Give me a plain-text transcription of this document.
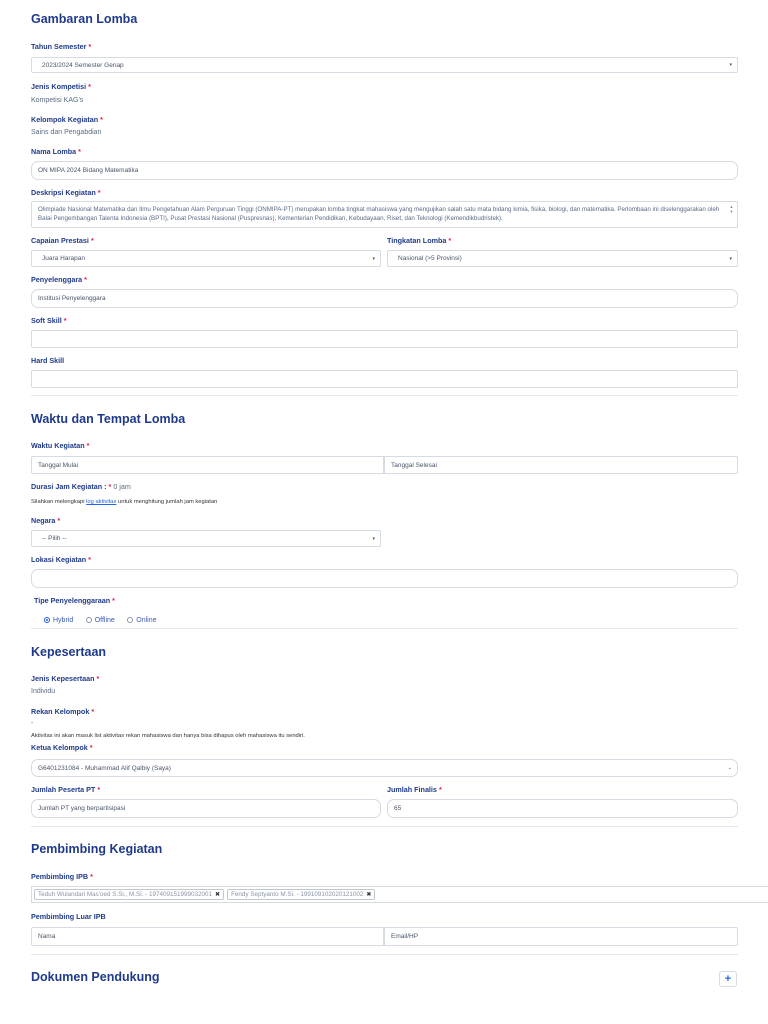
Gambaran Lomba
Tahun Semester *
2023/2024 Semester Genap	▾
Jenis Kompetisi *
Kompetisi KAG's
Kelompok Kegiatan *
Sains dan Pengabdian
Nama Lomba *
ON MIPA 2024 Bidang Matematika
Deskripsi Kegiatan *
Olimpiade Nasional Matematika dan Ilmu Pengetahuan Alam Perguruan Tinggi (ONMIPA-PT) merupakan lomba tingkat mahasiswa yang mengujikan salah satu mata bidang kimia, fisika, biologi, dan matematika. Perlombaan ini diselenggarakan oleh Balai Pengembangan Talenta Indonesia (BPTI), Pusat Prestasi Nasional (Puspresnas), Kementerian Pendidikan, Kebudayaan, Riset, dan Teknologi (Kemendikbudristek).
▲
▼
Capaian Prestasi *
Juara Harapan	▾
Tingkatan Lomba *
Nasional (>5 Provinsi)	▾
Penyelenggara *
Institusi Penyelenggara
Soft Skill *
Hard Skill
Waktu dan Tempat Lomba
Waktu Kegiatan *
Tanggal Mulai	Tanggal Selesai
Durasi Jam Kegiatan : * 0 jam
Silahkan melengkapi log aktivitas untuk menghitung jumlah jam kegiatan
Negara *
-- Pilih --	▾
Lokasi Kegiatan *
Tipe Penyelenggaraan *
Hybrid
	Offline
	Online
Kepesertaan
Jenis Kepesertaan *
Individu
Rekan Kelompok *
-
Aktivitas ini akan masuk list aktivitas rekan mahasiswa dan hanya bisa dihapus oleh mahasiswa itu sendiri.
Ketua Kelompok *
G6401231084 - Muhammad Alif Qalbiy (Saya)	⌄
Jumlah Peserta PT *
Jumlah PT yang berpartisipasi
Jumlah Finalis *
65
Pembimbing Kegiatan
Pembimbing IPB *
Teduh Wulandari Mas'oed S.Si., M.Si. - 197409151999032001 ✖ Fendy Septyanto M.Si. - 199109102020121002 ✖
Pembimbing Luar IPB
Nama	Email/HP
Dokumen Pendukung	+
